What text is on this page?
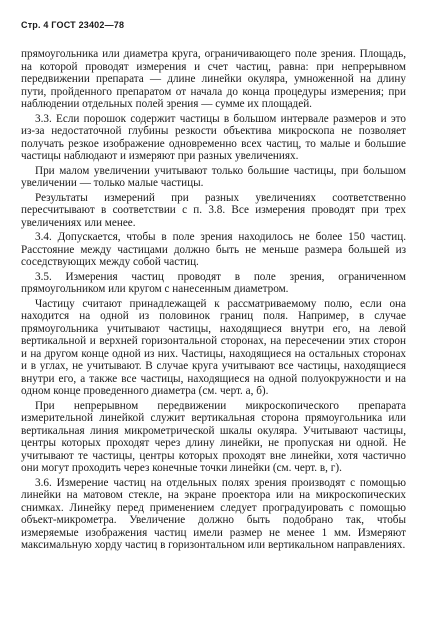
Стр. 4 ГОСТ 23402—78

прямоугольника или диаметра круга, ограничивающего поле зрения. Площадь, на которой проводят измерения и счет частиц, равна: при непрерывном передвижении препарата — длине линейки окуляра, умноженной на длину пути, пройденного препаратом от начала до конца процедуры измерения; при наблюдении отдельных полей зрения — сумме их площадей.

3.3. Если порошок содержит частицы в большом интервале размеров и это из-за недостаточной глубины резкости объектива микроскопа не позволяет получать резкое изображение одновременно всех частиц, то малые и большие частицы наблюдают и измеряют при разных увеличениях.

При малом увеличении учитывают только большие частицы, при большом увеличении — только малые частицы.

Результаты измерений при разных увеличениях соответственно пересчитывают в соответствии с п. 3.8. Все измерения проводят при трех увеличениях или менее.

3.4. Допускается, чтобы в поле зрения находилось не более 150 частиц. Расстояние между частицами должно быть не меньше размера большей из соседствующих между собой частиц.

3.5. Измерения частиц проводят в поле зрения, ограниченном прямоугольником или кругом с нанесенным диаметром.

Частицу считают принадлежащей к рассматриваемому полю, если она находится на одной из половинок границ поля. Например, в случае прямоугольника учитывают частицы, находящиеся внутри его, на левой вертикальной и верхней горизонтальной сторонах, на пересечении этих сторон и на другом конце одной из них. Частицы, находящиеся на остальных сторонах и в углах, не учитывают. В случае круга учитывают все частицы, находящиеся внутри его, а также все частицы, находящиеся на одной полуокружности и на одном конце проведенного диаметра (см. черт. а, б).

При непрерывном передвижении микроскопического препарата измерительной линейкой служит вертикальная сторона прямоугольника или вертикальная линия микрометрической шкалы окуляра. Учитывают частицы, центры которых проходят через длину линейки, не пропуская ни одной. Не учитывают те частицы, центры которых проходят вне линейки, хотя частично они могут проходить через конечные точки линейки (см. черт. в, г).

3.6. Измерение частиц на отдельных полях зрения производят с помощью линейки на матовом стекле, на экране проектора или на микроскопических снимках. Линейку перед применением следует проградуировать с помощью объект-микрометра. Увеличение должно быть подобрано так, чтобы измеряемые изображения частиц имели размер не менее 1 мм. Измеряют максимальную хорду частиц в горизонтальном или вертикальном направлениях.
